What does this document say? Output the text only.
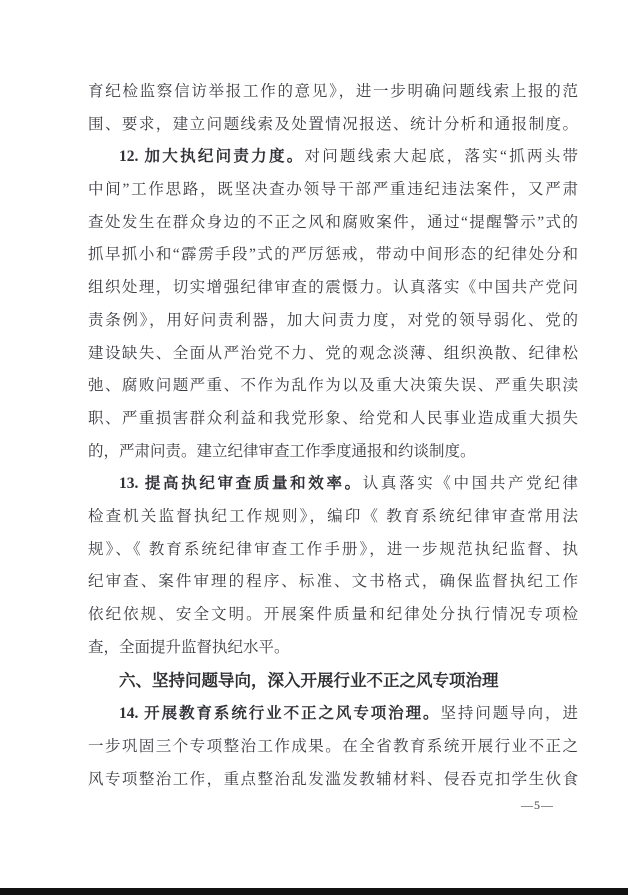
育纪检监察信访举报工作的意见》，进一步明确问题线索上报的范
围、要求，建立问题线索及处置情况报送、统计分析和通报制度。
12. 加大执纪问责力度。对问题线索大起底，落实“抓两头带
中间”工作思路，既坚决查办领导干部严重违纪违法案件，又严肃
查处发生在群众身边的不正之风和腐败案件，通过“提醒警示”式的
抓早抓小和“霹雳手段”式的严厉惩戒，带动中间形态的纪律处分和
组织处理，切实增强纪律审查的震慑力。认真落实《中国共产党问
责条例》，用好问责利器，加大问责力度，对党的领导弱化、党的
建设缺失、全面从严治党不力、党的观念淡薄、组织涣散、纪律松
弛、腐败问题严重、不作为乱作为以及重大决策失误、严重失职渎
职、严重损害群众利益和我党形象、给党和人民事业造成重大损失
的，严肃问责。建立纪律审查工作季度通报和约谈制度。
13. 提高执纪审查质量和效率。认真落实《中国共产党纪律
检查机关监督执纪工作规则》，编印《 教育系统纪律审查常用法
规》、《 教育系统纪律审查工作手册》，进一步规范执纪监督、执
纪审查、案件审理的程序、标准、文书格式，确保监督执纪工作
依纪依规、安全文明。开展案件质量和纪律处分执行情况专项检
查，全面提升监督执纪水平。
六、坚持问题导向，深入开展行业不正之风专项治理
14. 开展教育系统行业不正之风专项治理。坚持问题导向，进
一步巩固三个专项整治工作成果。在全省教育系统开展行业不正之
风专项整治工作，重点整治乱发滥发教辅材料、侵吞克扣学生伙食
—5—
